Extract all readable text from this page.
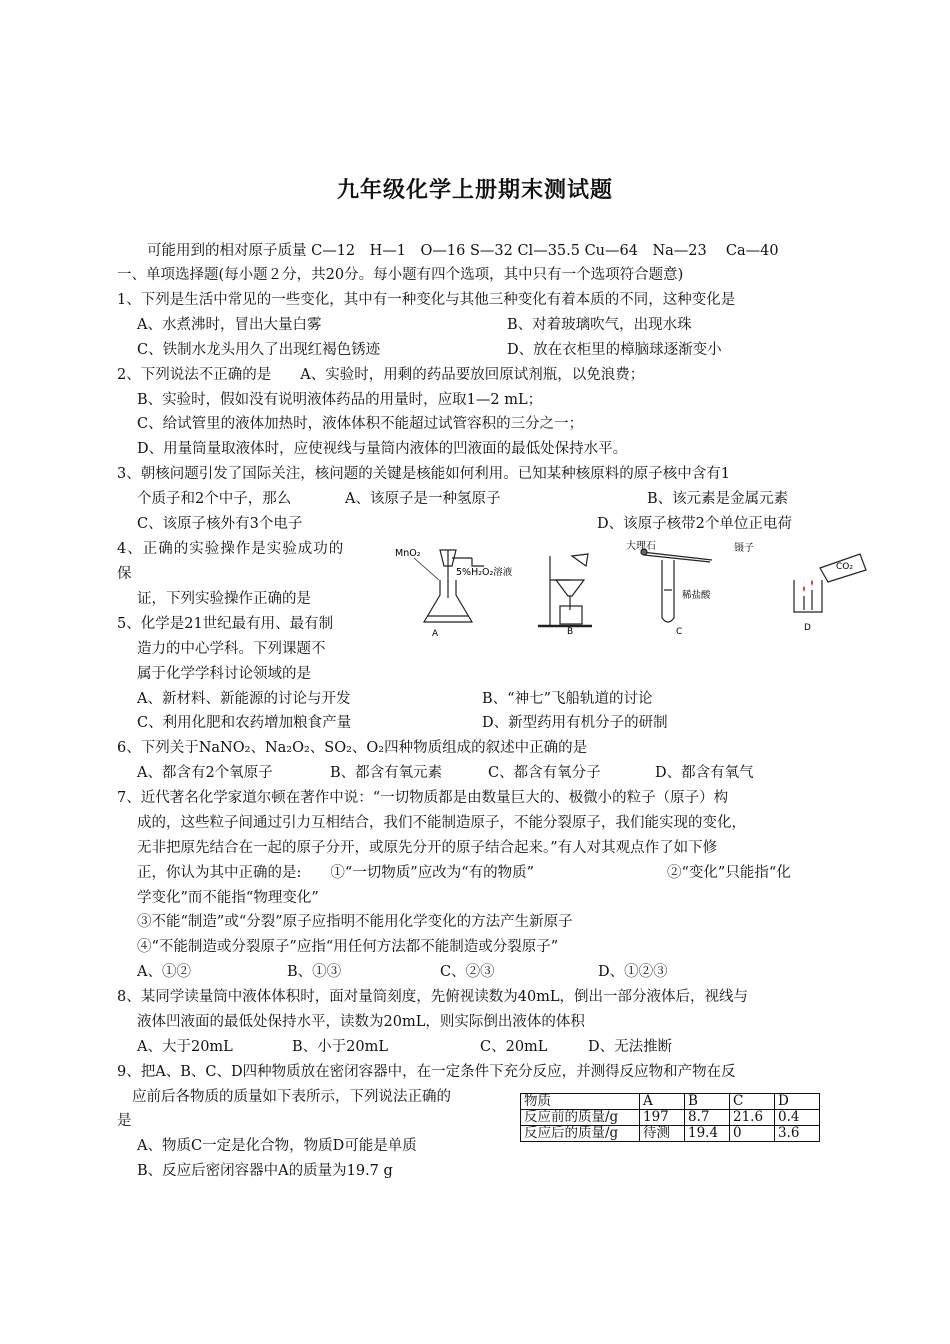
九年级化学上册期末测试题
可能用到的相对原子质量 C—12　H—1　O—16 S—32 Cl—35.5 Cu—64　Na—23　 Ca—40
一、单项选择题(每小题２分，共20分。每小题有四个选项，其中只有一个选项符合题意)
1、下列是生活中常见的一些变化，其中有一种变化与其他三种变化有着本质的不同，这种变化是
A、水煮沸时，冒出大量白雾	B、对着玻璃吹气，出现水珠
C、铁制水龙头用久了出现红褐色锈迹	D、放在衣柜里的樟脑球逐渐变小
2、下列说法不正确的是　　A、实验时，用剩的药品要放回原试剂瓶，以免浪费；
B、实验时，假如没有说明液体药品的用量时，应取1—2 mL；
C、给试管里的液体加热时，液体体积不能超过试管容积的三分之一；
D、用量筒量取液体时，应使视线与量筒内液体的凹液面的最低处保持水平。
3、朝核问题引发了国际关注，核问题的关键是核能如何利用。已知某种核原料的原子核中含有1
个质子和2个中子，那么	A、该原子是一种氢原子	B、该元素是金属元素
C、该原子核外有3个电子	D、该原子核带2个单位正电荷
4、正确的实验操作是实验成功的
保
证，下列实验操作正确的是
5、化学是21世纪最有用、最有制
造力的中心学科。下列课题不
属于化学学科讨论领域的是
A、新材料、新能源的讨论与开发	B、“神七”飞船轨道的讨论
C、利用化肥和农药增加粮食产量	D、新型药用有机分子的研制
MnO₂
5%H₂O₂溶液
A	B
大理石	镊子
稀盐酸
C
CO₂
D
6、下列关于NaNO₂、Na₂O₂、SO₂、O₂四种物质组成的叙述中正确的是
A、都含有2个氧原子	B、都含有氧元素	C、都含有氧分子	D、都含有氧气
7、近代著名化学家道尔顿在著作中说：“一切物质都是由数量巨大的、极微小的粒子（原子）构
成的，这些粒子间通过引力互相结合，我们不能制造原子，不能分裂原子，我们能实现的变化，
无非把原先结合在一起的原子分开，或原先分开的原子结合起来。”有人对其观点作了如下修
正，你认为其中正确的是:　　①“一切物质”应改为“有的物质”	②“变化”只能指“化
学变化”而不能指“物理变化”
③不能“制造”或“分裂”原子应指明不能用化学变化的方法产生新原子
④“不能制造或分裂原子”应指“用任何方法都不能制造或分裂原子”
A、①②	B、①③	C、②③	D、①②③
8、某同学读量筒中液体体积时，面对量筒刻度，先俯视读数为40mL，倒出一部分液体后，视线与
液体凹液面的最低处保持水平，读数为20mL，则实际倒出液体的体积
A、大于20mL	B、小于20mL	C、20mL	D、无法推断
9、把A、B、C、D四种物质放在密闭容器中，在一定条件下充分反应，并测得反应物和产物在反
应前后各物质的质量如下表所示，下列说法正确的
是
A、物质C一定是化合物，物质D可能是单质
B、反应后密闭容器中A的质量为19.7 g
物质	A	B	C	D
反应前的质量/g	197	8.7	21.6	0.4
反应后的质量/g	待测	19.4	0	3.6
